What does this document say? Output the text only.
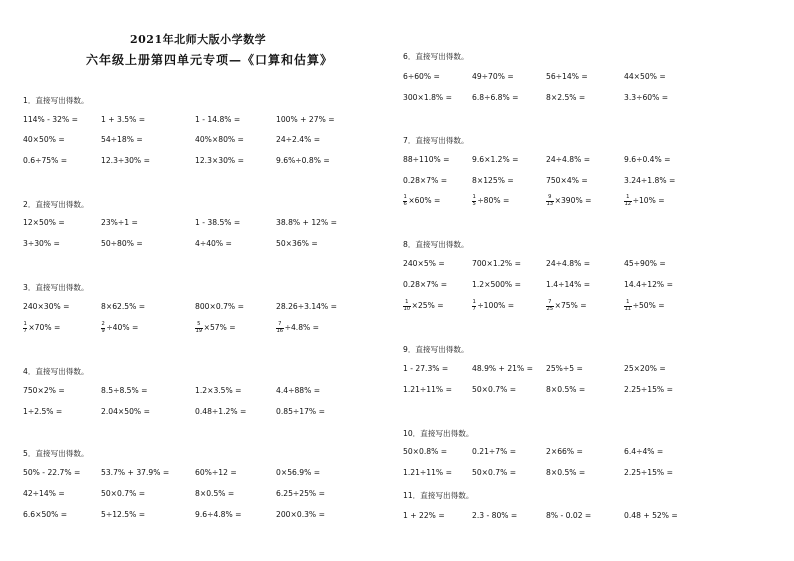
2021年北师大版小学数学
六年级上册第四单元专项—《口算和估算》
1．直接写出得数。
114% - 32% =	1 + 3.5% =	1 - 14.8% =	100% + 27% =
40×50% =	54÷18% =	40%×80% =	24÷2.4% =
0.6÷75% =	12.3÷30% =	12.3×30% =	9.6%÷0.8% =
2．直接写出得数。
12×50% =	23%÷1 =	1 - 38.5% =	38.8% + 12% =
3÷30% =	50÷80% =	4÷40% =	50×36% =
3．直接写出得数。
240×30% =	8×62.5% =	800×0.7% =	28.26÷3.14% =
$\frac{1}{7} \times 70\%$ =	$\frac{2}{9} \div 40\%$ =	$\frac{5}{19} \times 57\%$ =	$\frac{7}{16} \div 4.8\%$ =
4．直接写出得数。
750×2% =	8.5÷8.5% =	1.2×3.5% =	4.4÷88% =
1÷2.5% =	2.04×50% =	0.48÷1.2% =	0.85÷17% =
5．直接写出得数。
50% - 22.7% =	53.7% + 37.9% =	60%÷12 =	0×56.9% =
42÷14% =	50×0.7% =	8×0.5% =	6.25÷25% =
6.6×50% =	5÷12.5% =	9.6÷4.8% =	200×0.3% =
6．直接写出得数。
6÷60% =	49÷70% =	56÷14% =	44×50% =
300×1.8% =	6.8÷6.8% =	8×2.5% =	3.3÷60% =
7．直接写出得数。
88÷110% =	9.6×1.2% =	24÷4.8% =	9.6÷0.4% =
0.28×7% =	8×125% =	750×4% =	3.24÷1.8% =
$\frac{1}{6} \times 60\%$ =	$\frac{1}{5} \div 80\%$ =	$\frac{9}{13} \times 390\%$ =	$\frac{1}{12} \div 10\%$ =
8．直接写出得数。
240×5% =	700×1.2% =	24÷4.8% =	45÷90% =
0.28×7% =	1.2×500% =	1.4÷14% =	14.4÷12% =
$\frac{1}{10} \times 25\%$ =	$\frac{1}{7} \div 100\%$ =	$\frac{7}{25} \times 75\%$ =	$\frac{1}{11} \div 50\%$ =
9．直接写出得数。
1 - 27.3% =	48.9% + 21% = 25%÷5 =	25×20% =
1.21÷11% =	50×0.7% =	8×0.5% =	2.25÷15% =
10．直接写出得数。
50×0.8% =	0.21÷7% =	2×66% =	6.4÷4% =
1.21÷11% =	50×0.7% =	8×0.5% =	2.25÷15% =
11．直接写出得数。
1 + 22% =	2.3 - 80% =	8% - 0.02 =	0.48 + 52% =
